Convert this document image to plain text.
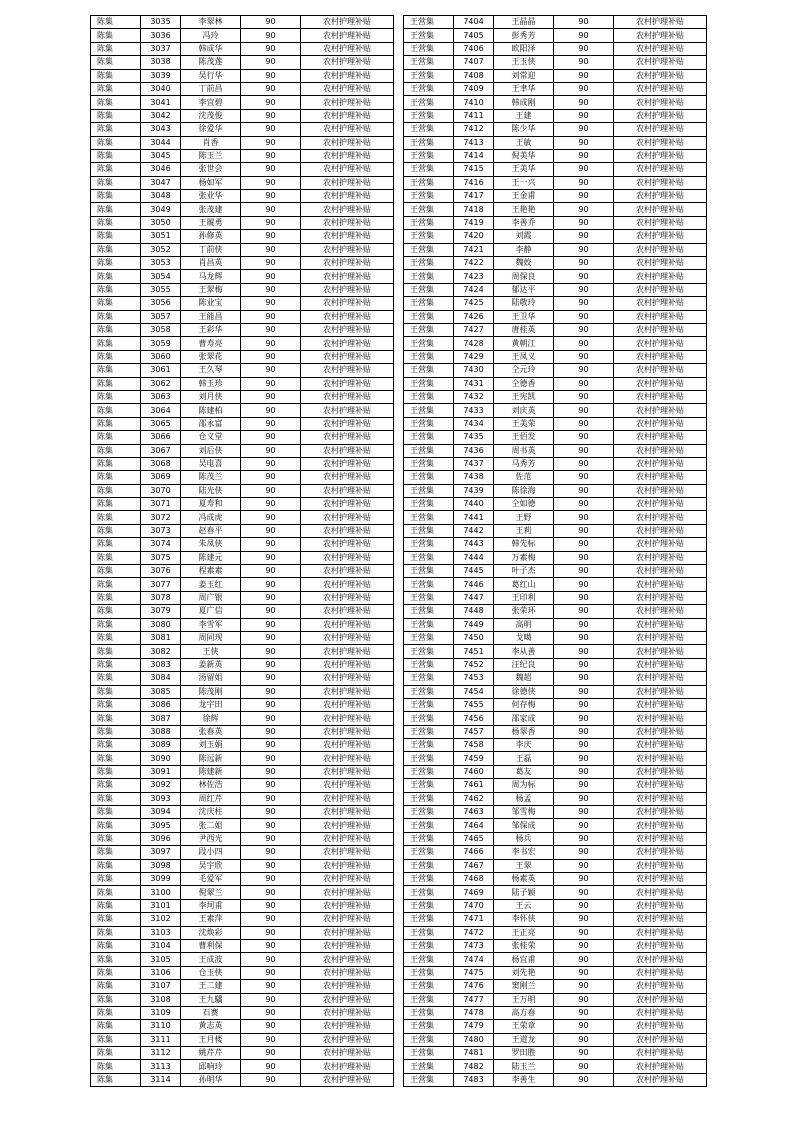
陈集	3035	李翠林	90	农村护理补贴
陈集	3036	冯玲	90	农村护理补贴
陈集	3037	韩成华	90	农村护理补贴
陈集	3038	陈茂莲	90	农村护理补贴
陈集	3039	吴行华	90	农村护理补贴
陈集	3040	丁前昌	90	农村护理补贴
陈集	3041	李宜碧	90	农村护理补贴
陈集	3042	沈茂俊	90	农村护理补贴
陈集	3043	徐爱华	90	农村护理补贴
陈集	3044	肖香	90	农村护理补贴
陈集	3045	陈玉兰	90	农村护理补贴
陈集	3046	张世会	90	农村护理补贴
陈集	3047	杨如军	90	农村护理补贴
陈集	3048	张业华	90	农村护理补贴
陈集	3049	张茂建	90	农村护理补贴
陈集	3050	王履勇	90	农村护理补贴
陈集	3051	孙修英	90	农村护理补贴
陈集	3052	丁前侠	90	农村护理补贴
陈集	3053	肖昌英	90	农村护理补贴
陈集	3054	马龙辉	90	农村护理补贴
陈集	3055	王翠梅	90	农村护理补贴
陈集	3056	陈业宝	90	农村护理补贴
陈集	3057	王能昌	90	农村护理补贴
陈集	3058	王彩华	90	农村护理补贴
陈集	3059	曹寿亮	90	农村护理补贴
陈集	3060	张翠花	90	农村护理补贴
陈集	3061	王久琴	90	农村护理补贴
陈集	3062	韩玉珍	90	农村护理补贴
陈集	3063	刘月侠	90	农村护理补贴
陈集	3064	陈建柏	90	农村护理补贴
陈集	3065	邵永富	90	农村护理补贴
陈集	3066	仓义堂	90	农村护理补贴
陈集	3067	刘后侠	90	农村护理补贴
陈集	3068	吴电喜	90	农村护理补贴
陈集	3069	陈茂兰	90	农村护理补贴
陈集	3070	陆光侠	90	农村护理补贴
陈集	3071	夏寿和	90	农村护理补贴
陈集	3072	冯成虎	90	农村护理补贴
陈集	3073	赵春平	90	农村护理补贴
陈集	3074	朱凤侠	90	农村护理补贴
陈集	3075	陈建元	90	农村护理补贴
陈集	3076	程素素	90	农村护理补贴
陈集	3077	姜玉红	90	农村护理补贴
陈集	3078	周广银	90	农村护理补贴
陈集	3079	夏广信	90	农村护理补贴
陈集	3080	李雪军	90	农村护理补贴
陈集	3081	周同现	90	农村护理补贴
陈集	3082	王侠	90	农村护理补贴
陈集	3083	姜新英	90	农村护理补贴
陈集	3084	汤留姐	90	农村护理补贴
陈集	3085	陈茂刚	90	农村护理补贴
陈集	3086	龙宇田	90	农村护理补贴
陈集	3087	徐辉	90	农村护理补贴
陈集	3088	张春英	90	农村护理补贴
陈集	3089	刘玉娟	90	农村护理补贴
陈集	3090	陈远新	90	农村护理补贴
陈集	3091	陈建新	90	农村护理补贴
陈集	3092	林佐浩	90	农村护理补贴
陈集	3093	周红芹	90	农村护理补贴
陈集	3094	沈庆柱	90	农村护理补贴
陈集	3095	张二姐	90	农村护理补贴
陈集	3096	尹西光	90	农村护理补贴
陈集	3097	段小四	90	农村护理补贴
陈集	3098	吴宇欣	90	农村护理补贴
陈集	3099	毛爱军	90	农村护理补贴
陈集	3100	倪翠兰	90	农村护理补贴
陈集	3101	李坷甫	90	农村护理补贴
陈集	3102	王素萍	90	农村护理补贴
陈集	3103	沈焕彩	90	农村护理补贴
陈集	3104	曹利保	90	农村护理补贴
陈集	3105	王成波	90	农村护理补贴
陈集	3106	仓玉侠	90	农村护理补贴
陈集	3107	王二建	90	农村护理补贴
陈集	3108	王九驕	90	农村护理补贴
陈集	3109	石赛	90	农村护理补贴
陈集	3110	黄志英	90	农村护理补贴
陈集	3111	王月楼	90	农村护理补贴
陈集	3112	姚芹芹	90	农村护理补贴
陈集	3113	邱响玲	90	农村护理补贴
陈集	3114	孙明华	90	农村护理补贴
王营集	7404	王晶晶	90	农村护理补贴
王营集	7405	彭秀芳	90	农村护理补贴
王营集	7406	欧阳泽	90	农村护理补贴
王营集	7407	王玉侠	90	农村护理补贴
王营集	7408	刘常迎	90	农村护理补贴
王营集	7409	王聿华	90	农村护理补贴
王营集	7410	韩成刚	90	农村护理补贴
王营集	7411	王建	90	农村护理补贴
王营集	7412	陈少华	90	农村护理补贴
王营集	7413	王敏	90	农村护理补贴
王营集	7414	倪美华	90	农村护理补贴
王营集	7415	王美华	90	农村护理补贴
王营集	7416	王一兴	90	农村护理补贴
王营集	7417	王金甫	90	农村护理补贴
王营集	7418	王艳艳	90	农村护理补贴
王营集	7419	李善乔	90	农村护理补贴
王营集	7420	刘霞	90	农村护理补贴
王营集	7421	李静	90	农村护理补贴
王营集	7422	魏姣	90	农村护理补贴
王营集	7423	周保良	90	农村护理补贴
王营集	7424	郁达平	90	农村护理补贴
王营集	7425	陆敬玲	90	农村护理补贴
王营集	7426	王卫华	90	农村护理补贴
王营集	7427	唐桂英	90	农村护理补贴
王营集	7428	黄朝江	90	农村护理补贴
王营集	7429	王凤义	90	农村护理补贴
王营集	7430	仝元玲	90	农村护理补贴
王营集	7431	仝德香	90	农村护理补贴
王营集	7432	王宪凯	90	农村护理补贴
王营集	7433	刘庆英	90	农村护理补贴
王营集	7434	王美荣	90	农村护理补贴
王营集	7435	王佰发	90	农村护理补贴
王营集	7436	周书英	90	农村护理补贴
王营集	7437	马秀芳	90	农村护理补贴
王营集	7438	佐范	90	农村护理补贴
王营集	7439	陈徐海	90	农村护理补贴
王营集	7440	仝如德	90	农村护理补贴
王营集	7441	王野	90	农村护理补贴
王营集	7442	王莉	90	农村护理补贴
王营集	7443	韩先标	90	农村护理补贴
王营集	7444	万素梅	90	农村护理补贴
王营集	7445	叶子杰	90	农村护理补贴
王营集	7446	葛红山	90	农村护理补贴
王营集	7447	王印利	90	农村护理补贴
王营集	7448	张荣环	90	农村护理补贴
王营集	7449	高明	90	农村护理补贴
王营集	7450	戈噶	90	农村护理补贴
王营集	7451	李从善	90	农村护理补贴
王营集	7452	汪纪良	90	农村护理补贴
王营集	7453	魏超	90	农村护理补贴
王营集	7454	徐德侠	90	农村护理补贴
王营集	7455	何存梅	90	农村护理补贴
王营集	7456	邵家成	90	农村护理补贴
王营集	7457	杨翠香	90	农村护理补贴
王营集	7458	李庆	90	农村护理补贴
王营集	7459	王磊	90	农村护理补贴
王营集	7460	葛友	90	农村护理补贴
王营集	7461	周为标	90	农村护理补贴
王营集	7462	杨孟	90	农村护理补贴
王营集	7463	邹雪梅	90	农村护理补贴
王营集	7464	邹保成	90	农村护理补贴
王营集	7465	杨兵	90	农村护理补贴
王营集	7466	李书宏	90	农村护理补贴
王营集	7467	王翠	90	农村护理补贴
王营集	7468	杨素英	90	农村护理补贴
王营集	7469	陆子颖	90	农村护理补贴
王营集	7470	王云	90	农村护理补贴
王营集	7471	李怀侠	90	农村护理补贴
王营集	7472	王正亮	90	农村护理补贴
王营集	7473	张桂荣	90	农村护理补贴
王营集	7474	杨宜甫	90	农村护理补贴
王营集	7475	刘先艳	90	农村护理补贴
王营集	7476	窦刚兰	90	农村护理补贴
王营集	7477	王万明	90	农村护理补贴
王营集	7478	高方春	90	农村护理补贴
王营集	7479	王荣章	90	农村护理补贴
王营集	7480	王道龙	90	农村护理补贴
王营集	7481	罗田胜	90	农村护理补贴
王营集	7482	陆玉兰	90	农村护理补贴
王营集	7483	李善生	90	农村护理补贴
